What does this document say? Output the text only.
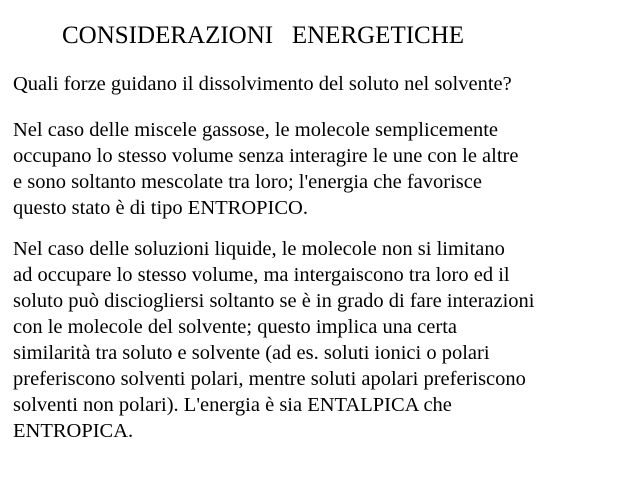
CONSIDERAZIONI   ENERGETICHE

Quali forze guidano il dissolvimento del soluto nel solvente?

Nel caso delle miscele gassose, le molecole semplicemente
occupano lo stesso volume senza interagire le une con le altre
e sono soltanto mescolate tra loro; l'energia che favorisce
questo stato è di tipo ENTROPICO.

Nel caso delle soluzioni liquide, le molecole non si limitano
ad occupare lo stesso volume, ma intergaiscono tra loro ed il
soluto può disciogliersi soltanto se è in grado di fare interazioni
con le molecole del solvente; questo implica una certa
similarità tra soluto e solvente (ad es. soluti ionici o polari
preferiscono solventi polari, mentre soluti apolari preferiscono
solventi non polari). L'energia è sia ENTALPICA che
ENTROPICA.
